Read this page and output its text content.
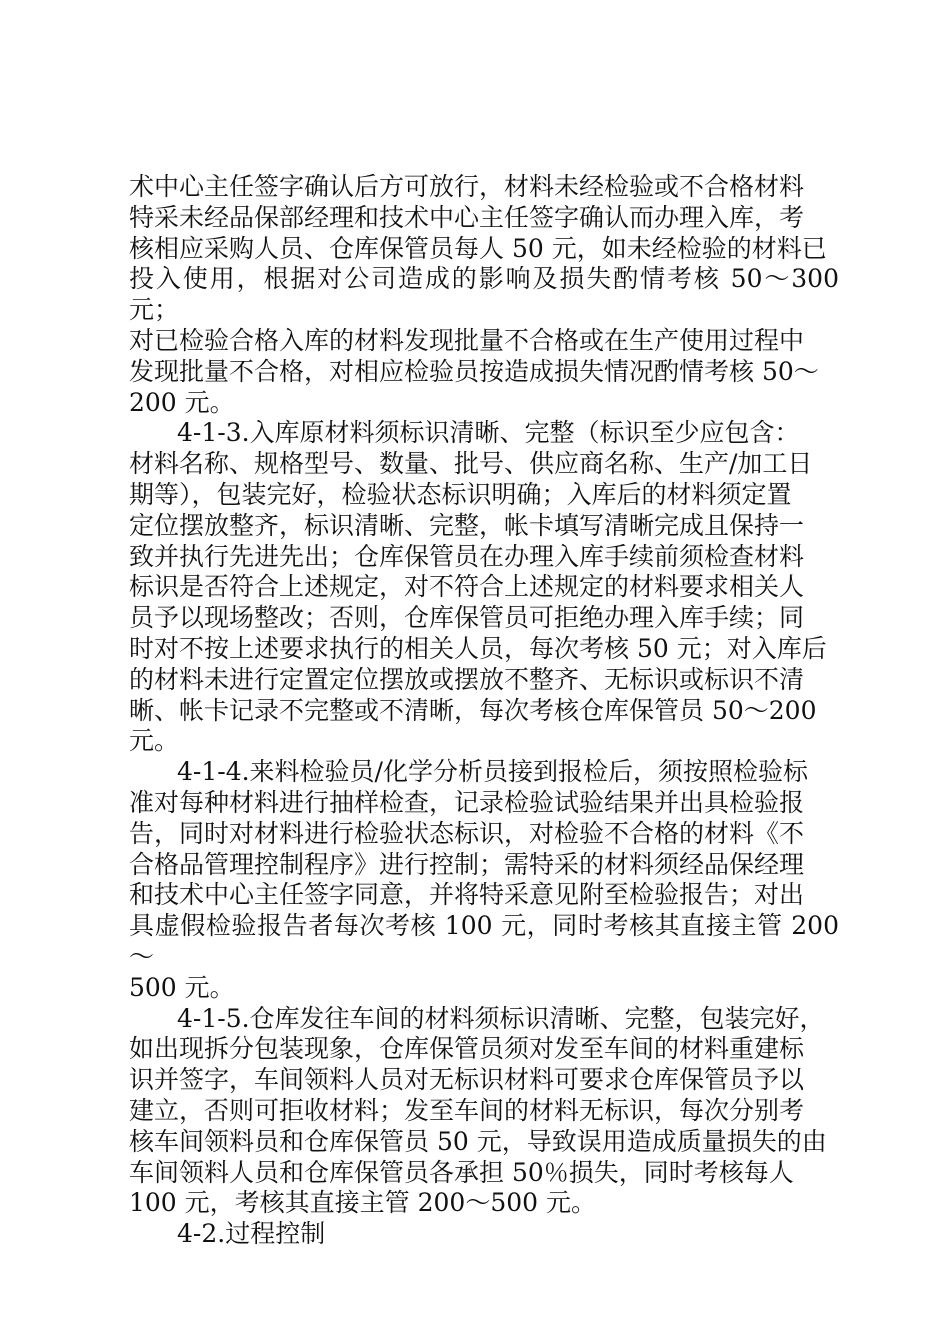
术中心主任签字确认后方可放行，材料未经检验或不合格材料
特采未经品保部经理和技术中心主任签字确认而办理入库，考
核相应采购人员、仓库保管员每人 50 元，如未经检验的材料已
投入使用，根据对公司造成的影响及损失酌情考核 50～300 元；
对已检验合格入库的材料发现批量不合格或在生产使用过程中
发现批量不合格，对相应检验员按造成损失情况酌情考核 50～
200 元。

4-1-3.入库原材料须标识清晰、完整（标识至少应包含：
材料名称、规格型号、数量、批号、供应商名称、生产/加工日
期等），包装完好，检验状态标识明确；入库后的材料须定置
定位摆放整齐，标识清晰、完整，帐卡填写清晰完成且保持一
致并执行先进先出；仓库保管员在办理入库手续前须检查材料
标识是否符合上述规定，对不符合上述规定的材料要求相关人
员予以现场整改；否则，仓库保管员可拒绝办理入库手续；同
时对不按上述要求执行的相关人员，每次考核 50 元；对入库后
的材料未进行定置定位摆放或摆放不整齐、无标识或标识不清
晰、帐卡记录不完整或不清晰，每次考核仓库保管员 50～200
元。

4-1-4.来料检验员/化学分析员接到报检后，须按照检验标
准对每种材料进行抽样检查，记录检验试验结果并出具检验报
告，同时对材料进行检验状态标识，对检验不合格的材料《不
合格品管理控制程序》进行控制；需特采的材料须经品保经理
和技术中心主任签字同意，并将特采意见附至检验报告；对出
具虚假检验报告者每次考核 100 元，同时考核其直接主管 200～
500 元。

4-1-5.仓库发往车间的材料须标识清晰、完整，包装完好，
如出现拆分包装现象，仓库保管员须对发至车间的材料重建标
识并签字，车间领料人员对无标识材料可要求仓库保管员予以
建立，否则可拒收材料；发至车间的材料无标识，每次分别考
核车间领料员和仓库保管员 50 元，导致误用造成质量损失的由
车间领料人员和仓库保管员各承担 50％损失，同时考核每人
100 元，考核其直接主管 200～500 元。

4-2.过程控制
